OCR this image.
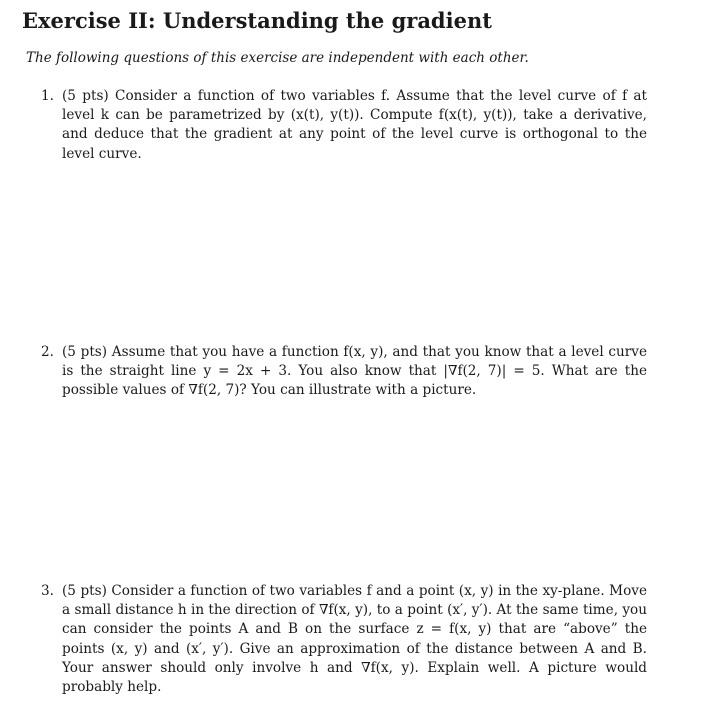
Exercise II: Understanding the gradient

The following questions of this exercise are independent with each other.

1. (5 pts) Consider a function of two variables f. Assume that the level curve of f at level k can be parametrized by (x(t), y(t)). Compute f(x(t), y(t)), take a derivative, and deduce that the gradient at any point of the level curve is orthogonal to the level curve.
2. (5 pts) Assume that you have a function f(x, y), and that you know that a level curve is the straight line y = 2x + 3. You also know that |∇f(2, 7)| = 5. What are the possible values of ∇f(2, 7)? You can illustrate with a picture.
3. (5 pts) Consider a function of two variables f and a point (x, y) in the xy-plane. Move a small distance h in the direction of ∇f(x, y), to a point (x′, y′). At the same time, you can consider the points A and B on the surface z = f(x, y) that are “above” the points (x, y) and (x′, y′). Give an approximation of the distance between A and B. Your answer should only involve h and ∇f(x, y). Explain well. A picture would probably help.
